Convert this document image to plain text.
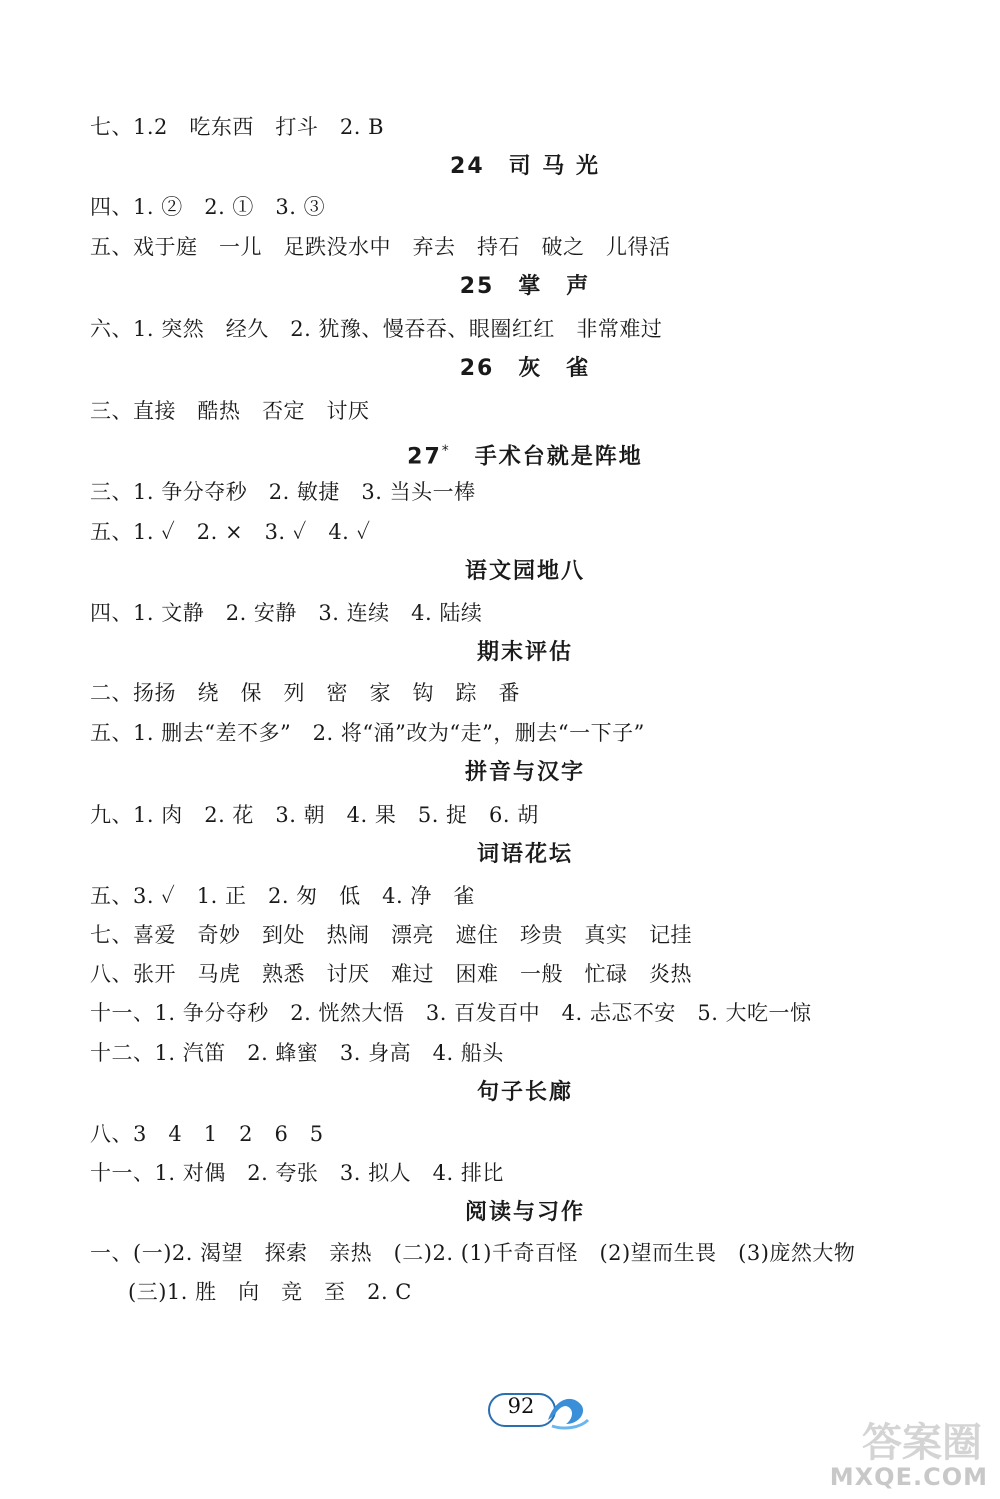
七、1.2　吃东西　打斗　2. B
24　司 马 光
四、1. ②　2. ①　3. ③
五、戏于庭　一儿　足跌没水中　弃去　持石　破之　儿得活
25　掌　声
六、1. 突然　经久　2. 犹豫、慢吞吞、眼圈红红　非常难过
26　灰　雀
三、直接　酷热　否定　讨厌
27*　手术台就是阵地
三、1. 争分夺秒　2. 敏捷　3. 当头一棒
五、1. ✓　2. ×　3. ✓　4. ✓
语文园地八
四、1. 文静　2. 安静　3. 连续　4. 陆续
期末评估
二、扬扬　绕　保　列　密　家　钩　踪　番
五、1. 删去“差不多”　2. 将“涌”改为“走”，删去“一下子”
拼音与汉字
九、1. 肉　2. 花　3. 朝　4. 果　5. 捉　6. 胡
词语花坛
五、3. ✓　1. 正　2. 匆　低　4. 净　雀
七、喜爱　奇妙　到处　热闹　漂亮　遮住　珍贵　真实　记挂
八、张开　马虎　熟悉　讨厌　难过　困难　一般　忙碌　炎热
十一、1. 争分夺秒　2. 恍然大悟　3. 百发百中　4. 忐忑不安　5. 大吃一惊
十二、1. 汽笛　2. 蜂蜜　3. 身高　4. 船头
句子长廊
八、3　4　1　2　6　5
十一、1. 对偶　2. 夸张　3. 拟人　4. 排比
阅读与习作
一、(一)2. 渴望　探索　亲热　(二)2. (1)千奇百怪　(2)望而生畏　(3)庞然大物
(三)1. 胜　向　竞　至　2. C
92
答案圈
MXQE.COM
